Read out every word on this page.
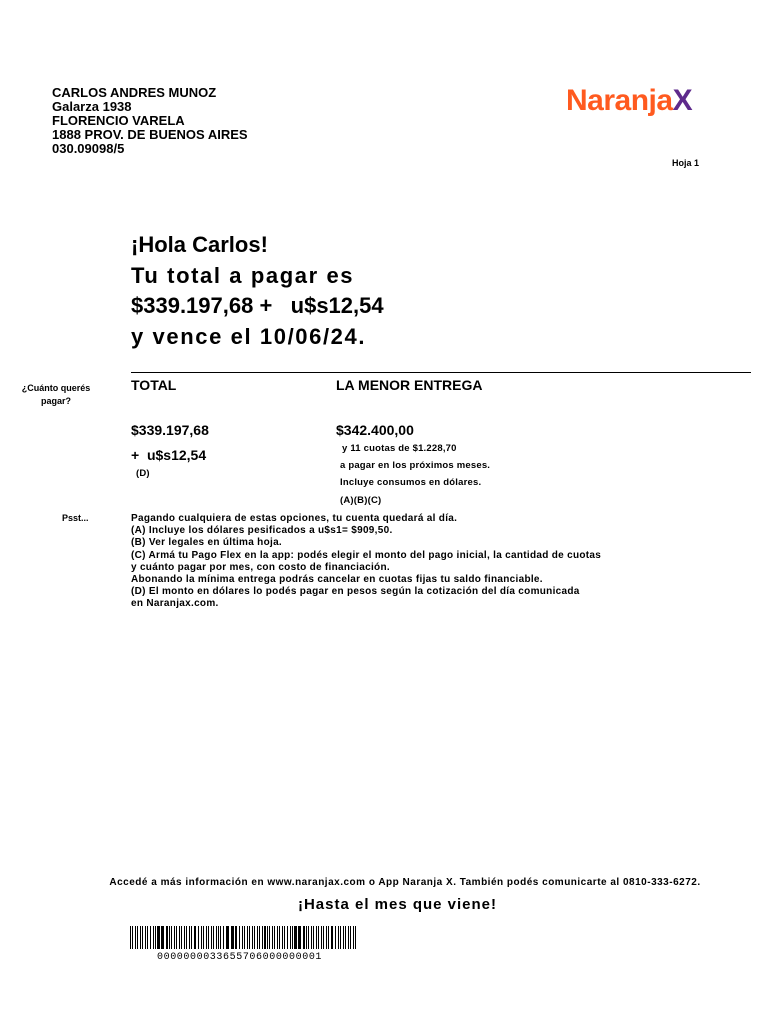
CARLOS ANDRES MUNOZ
Galarza 1938
FLORENCIO VARELA
1888 PROV. DE BUENOS AIRES
030.09098/5
NaranjaX
Hoja 1
¡Hola Carlos!
Tu total a pagar es
$339.197,68 +   u$s12,54
y vence el 10/06/24.
¿Cuánto querés
pagar?
TOTAL
$339.197,68
+  u$s12,54
(D)
LA MENOR ENTREGA
$342.400,00
y 11 cuotas de $1.228,70
a pagar en los próximos meses.
Incluye consumos en dólares.
(A)(B)(C)
Psst...	Pagando cualquiera de estas opciones, tu cuenta quedará al día.
(A) Incluye los dólares pesificados a u$s1= $909,50.
(B) Ver legales en última hoja.
(C) Armá tu Pago Flex en la app: podés elegir el monto del pago inicial, la cantidad de cuotas
y cuánto pagar por mes, con costo de financiación.
Abonando la mínima entrega podrás cancelar en cuotas fijas tu saldo financiable.
(D) El monto en dólares lo podés pagar en pesos según la cotización del día comunicada
en Naranjax.com.
Accedé a más información en www.naranjax.com o App Naranja X. También podés comunicarte al 0810-333-6272.
¡Hasta el mes que viene!
0000000033655706000000001
